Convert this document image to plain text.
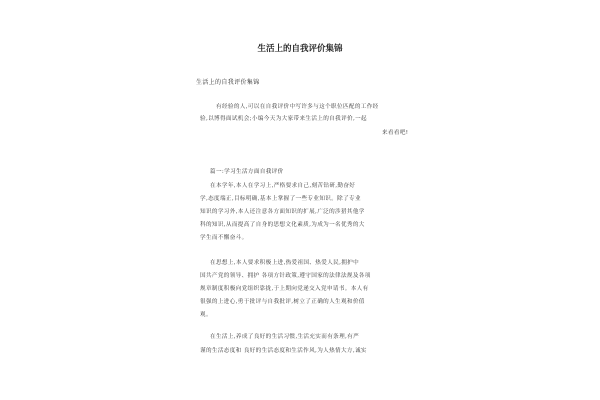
生活上的自我评价集锦

生活上的自我评价集锦

有经验的人,可以在自我评价中写许多与这个职位匹配的工作经

验,以博得面试机会;小编今天为大家带来生活上的自我评价,一起

来看看吧!

篇一:学习生活方面自我评价

在本学年,本人在学习上,严格要求自己,刻苦钻研,勤奋好

学,态度端正,目标明确,基本上掌握了一些专业知识。除了专业

知识的学习外,本人还注意各方面知识的扩展,广泛的涉猎其他学

科的知识,从而提高了自身的思想文化素质,为成为一名优秀的大

学生而不懈奋斗。

在思想上,本人要求积极上进,热爱祖国、热爱人民,拥护中

国共产党的领导、拥护 各项方针政策,遵守国家的法律法规及各项

规章制度积极向党组织靠拢,于上期向党递交入党申请书。本人有

很强的上进心,勇于批评与自我批评,树立了正确的人生观和价值

观。

在生活上,养成了良好的生活习惯,生活充实而有条理,有严

谨的生活态度和 良好的生活态度和生活作风,为人热情大方,诚实
